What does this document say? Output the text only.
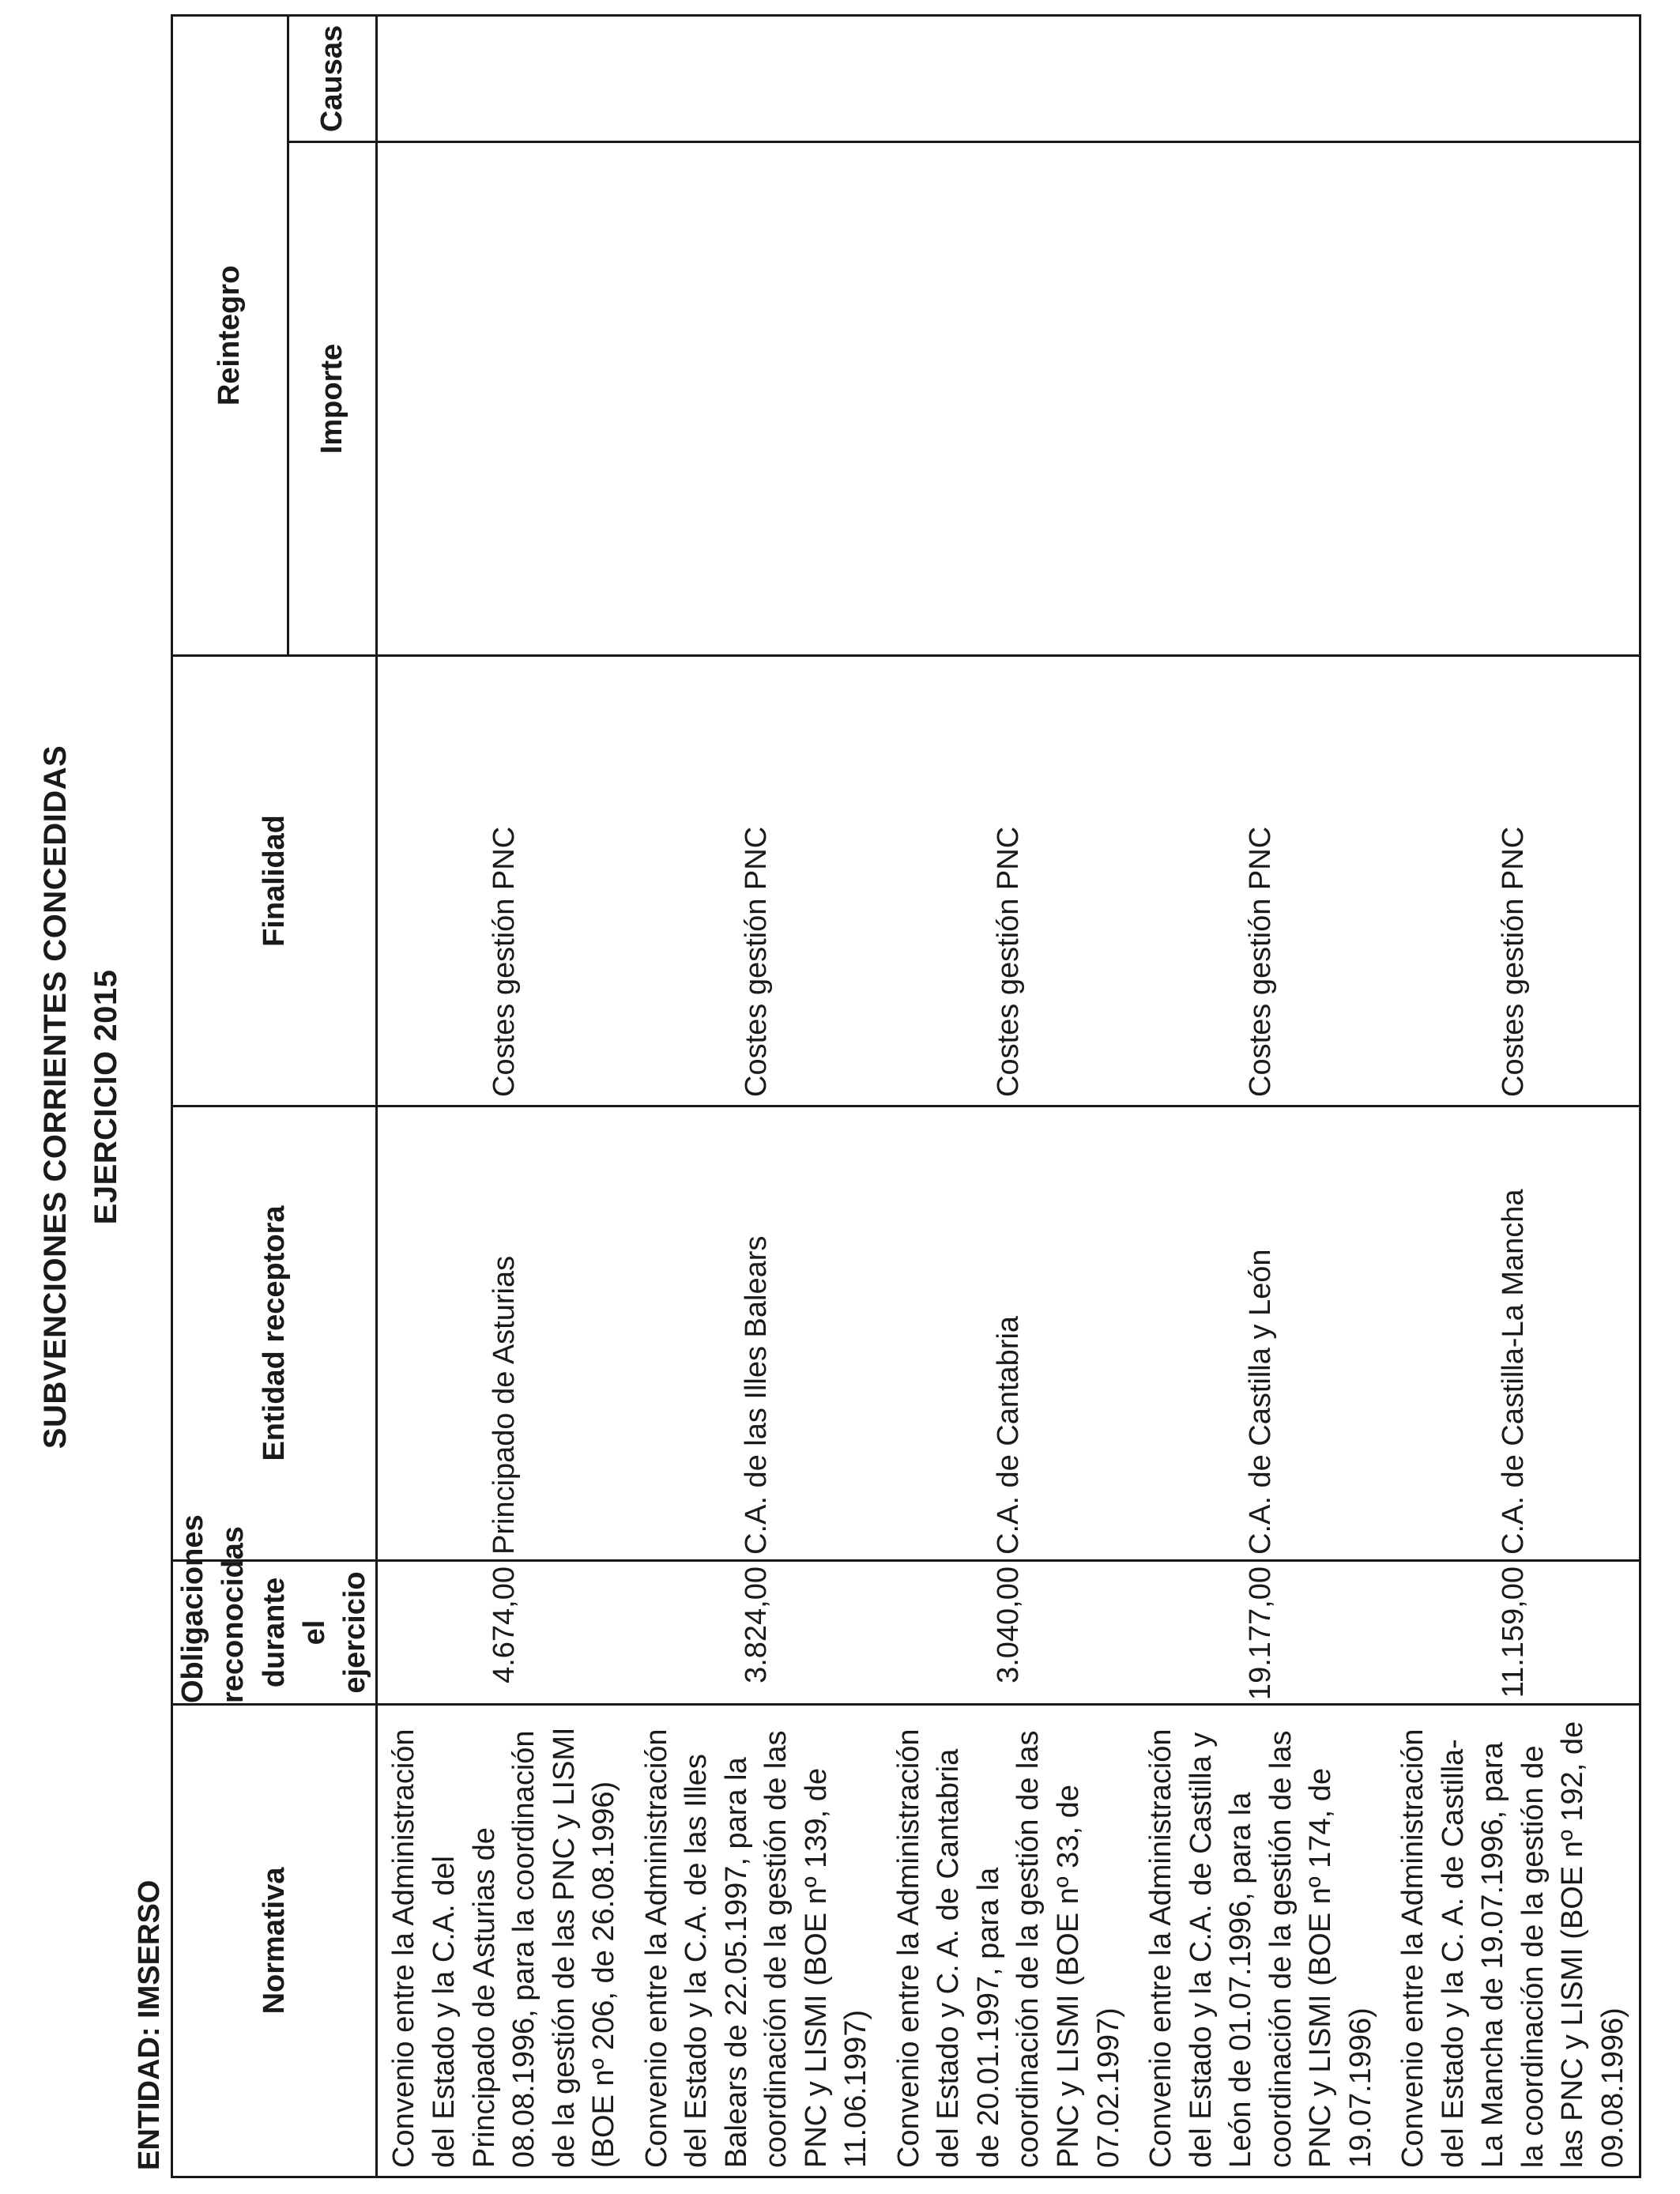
SUBVENCIONES CORRIENTES CONCEDIDAS EJERCICIO 2015
ENTIDAD: IMSERSO	Normativa	Obligaciones reconocidas durante el ejercicio	Entidad receptora	Finalidad	Reintegro	
				Importe	Causas
Convenio entre la Administración del Estado y la C.A. del Principado de Asturias de 08.08.1996, para la coordinación de la gestión de las PNC y LISMI (BOE nº 206, de 26.08.1996)	4.674,00	Principado de Asturias	Costes gestión PNC		
Convenio entre la Administración del Estado y la C.A. de las Illes Balears de 22.05.1997, para la coordinación de la gestión de las PNC y LISMI (BOE nº 139, de 11.06.1997)	3.824,00	C.A. de las Illes Balears	Costes gestión PNC		
Convenio entre la Administración del Estado y C. A. de Cantabria de 20.01.1997, para la coordinación de la gestión de las PNC y LISMI (BOE nº 33, de 07.02.1997)	3.040,00	C.A. de Cantabria	Costes gestión PNC		
Convenio entre la Administración del Estado y la C.A. de Castilla y León de 01.07.1996, para la coordinación de la gestión de las PNC y LISMI (BOE nº 174, de 19.07.1996)	19.177,00	C.A. de Castilla y León	Costes gestión PNC		
Convenio entre la Administración del Estado y la C. A. de Castilla-La Mancha de 19.07.1996, para la coordinación de la gestión de las PNC y LISMI (BOE nº 192, de 09.08.1996)	11.159,00	C.A. de Castilla-La Mancha	Costes gestión PNC		
